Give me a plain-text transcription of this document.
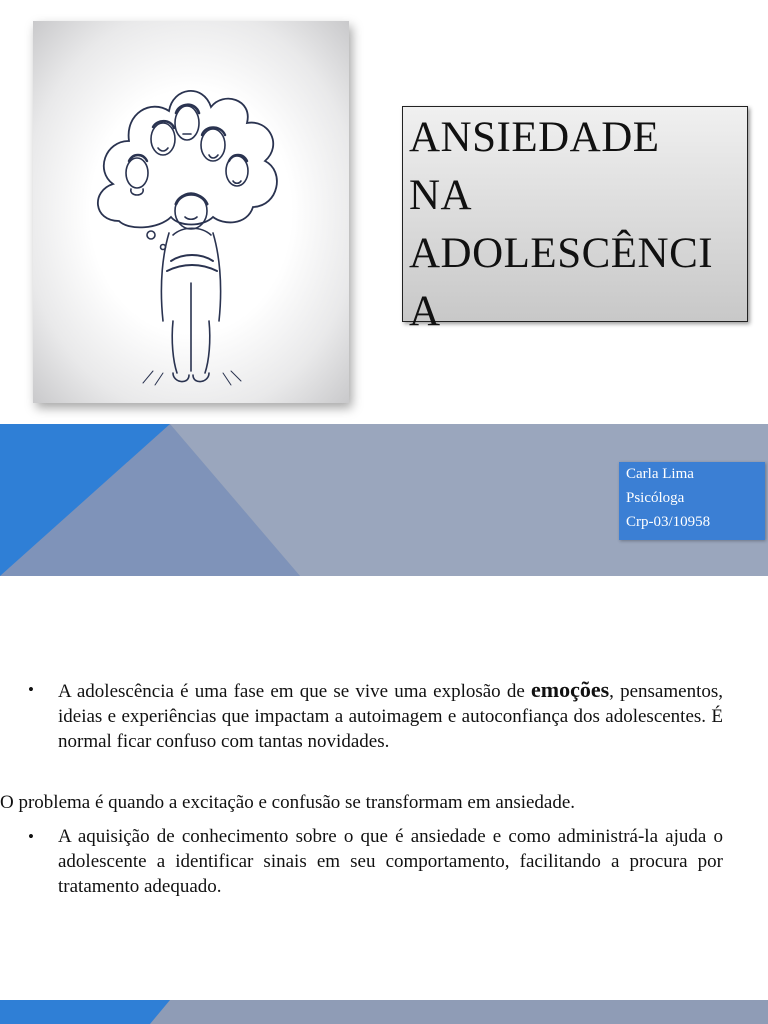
ANSIEDADE
NA
ADOLESCÊNCI
A
Carla Lima
Psicóloga
Crp-03/10958
• A adolescência é uma fase em que se vive uma explosão de emoções, pensamentos, ideias e experiências que impactam a autoimagem e autoconfiança dos adolescentes. É normal ficar confuso com tantas novidades.
O problema é quando a excitação e confusão se transformam em ansiedade.
• A aquisição de conhecimento sobre o que é ansiedade e como administrá-la ajuda o adolescente a identificar sinais em seu comportamento, facilitando a procura por tratamento adequado.
